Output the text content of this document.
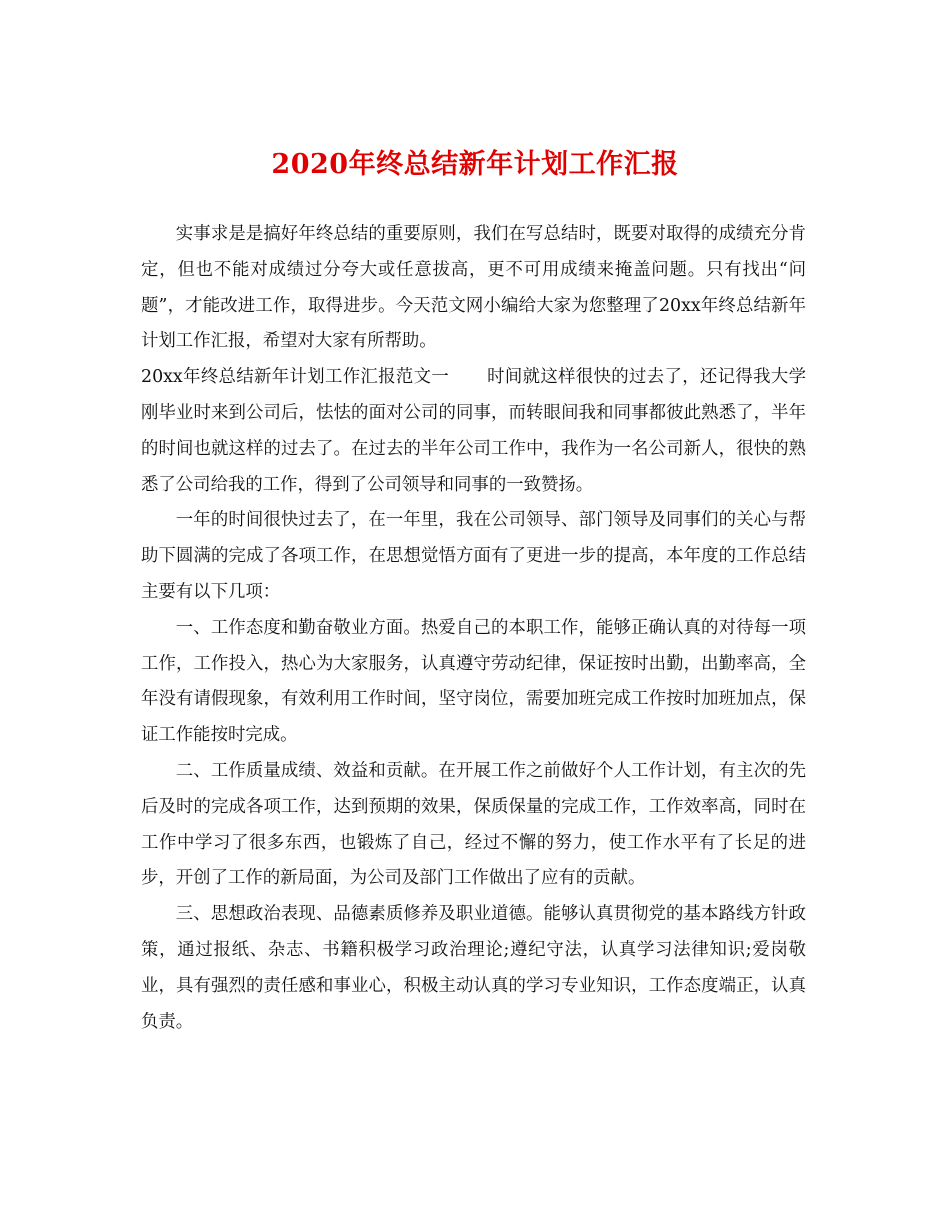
2020年终总结新年计划工作汇报

实事求是是搞好年终总结的重要原则，我们在写总结时，既要对取得的成绩充分肯定，但也不能对成绩过分夸大或任意拔高，更不可用成绩来掩盖问题。只有找出“问题”，才能改进工作，取得进步。今天范文网小编给大家为您整理了20xx年终总结新年计划工作汇报，希望对大家有所帮助。

20xx年终总结新年计划工作汇报范文一 时间就这样很快的过去了，还记得我大学刚毕业时来到公司后，怯怯的面对公司的同事，而转眼间我和同事都彼此熟悉了，半年的时间也就这样的过去了。在过去的半年公司工作中，我作为一名公司新人，很快的熟悉了公司给我的工作，得到了公司领导和同事的一致赞扬。

一年的时间很快过去了，在一年里，我在公司领导、部门领导及同事们的关心与帮助下圆满的完成了各项工作，在思想觉悟方面有了更进一步的提高，本年度的工作总结主要有以下几项：

一、工作态度和勤奋敬业方面。热爱自己的本职工作，能够正确认真的对待每一项工作，工作投入，热心为大家服务，认真遵守劳动纪律，保证按时出勤，出勤率高，全年没有请假现象，有效利用工作时间，坚守岗位，需要加班完成工作按时加班加点，保证工作能按时完成。

二、工作质量成绩、效益和贡献。在开展工作之前做好个人工作计划，有主次的先后及时的完成各项工作，达到预期的效果，保质保量的完成工作，工作效率高，同时在工作中学习了很多东西，也锻炼了自己，经过不懈的努力，使工作水平有了长足的进步，开创了工作的新局面，为公司及部门工作做出了应有的贡献。

三、思想政治表现、品德素质修养及职业道德。能够认真贯彻党的基本路线方针政策，通过报纸、杂志、书籍积极学习政治理论;遵纪守法，认真学习法律知识;爱岗敬业，具有强烈的责任感和事业心，积极主动认真的学习专业知识，工作态度端正，认真负责。
